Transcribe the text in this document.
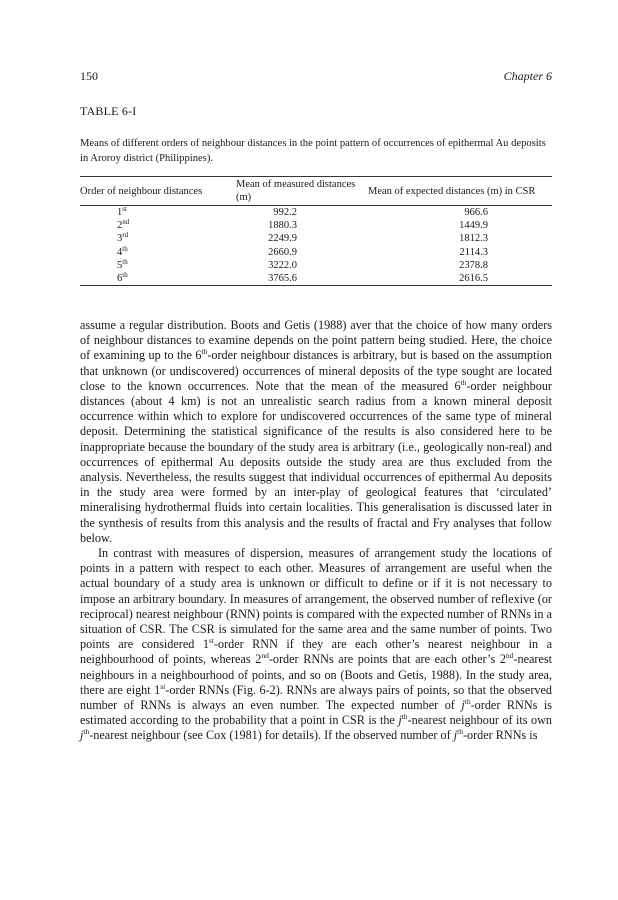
150	Chapter 6
TABLE 6-I
Means of different orders of neighbour distances in the point pattern of occurrences of epithermal Au deposits in Aroroy district (Philippines).
Order of neighbour distances	Mean of measured distances (m)	Mean of expected distances (m) in CSR
1st	992.2	966.6
2nd	1880.3	1449.9
3rd	2249.9	1812.3
4th	2660.9	2114.3
5th	3222.0	2378.8
6th	3765.6	2616.5

assume a regular distribution. Boots and Getis (1988) aver that the choice of how many orders of neighbour distances to examine depends on the point pattern being studied. Here, the choice of examining up to the 6th-order neighbour distances is arbitrary, but is based on the assumption that unknown (or undiscovered) occurrences of mineral deposits of the type sought are located close to the known occurrences. Note that the mean of the measured 6th-order neighbour distances (about 4 km) is not an unrealistic search radius from a known mineral deposit occurrence within which to explore for undiscovered occurrences of the same type of mineral deposit. Determining the statistical significance of the results is also considered here to be inappropriate because the boundary of the study area is arbitrary (i.e., geologically non-real) and occurrences of epithermal Au deposits outside the study area are thus excluded from the analysis. Nevertheless, the results suggest that individual occurrences of epithermal Au deposits in the study area were formed by an inter-play of geological features that ‘circulated’ mineralising hydrothermal fluids into certain localities. This generalisation is discussed later in the synthesis of results from this analysis and the results of fractal and Fry analyses that follow below.

In contrast with measures of dispersion, measures of arrangement study the locations of points in a pattern with respect to each other. Measures of arrangement are useful when the actual boundary of a study area is unknown or difficult to define or if it is not necessary to impose an arbitrary boundary. In measures of arrangement, the observed number of reflexive (or reciprocal) nearest neighbour (RNN) points is compared with the expected number of RNNs in a situation of CSR. The CSR is simulated for the same area and the same number of points. Two points are considered 1st-order RNN if they are each other’s nearest neighbour in a neighbourhood of points, whereas 2nd-order RNNs are points that are each other’s 2nd-nearest neighbours in a neighbourhood of points, and so on (Boots and Getis, 1988). In the study area, there are eight 1st-order RNNs (Fig. 6-2). RNNs are always pairs of points, so that the observed number of RNNs is always an even number. The expected number of $j^{th}$-order RNNs is estimated according to the probability that a point in CSR is the $j^{th}$-nearest neighbour of its own $j^{th}$-nearest neighbour (see Cox (1981) for details). If the observed number of $j^{th}$-order RNNs is
